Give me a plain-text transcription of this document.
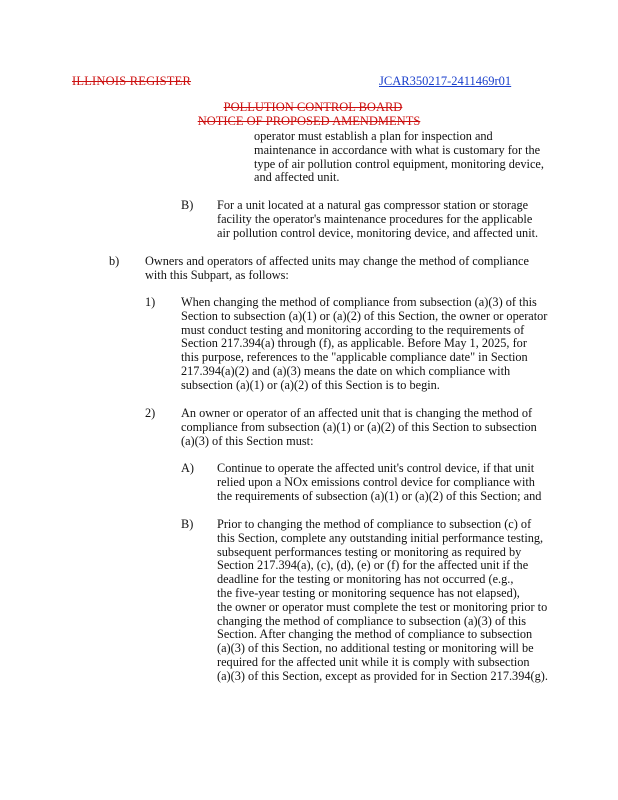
ILLINOIS REGISTER	JCAR350217-2411469r01
POLLUTION CONTROL BOARD
NOTICE OF PROPOSED AMENDMENTS
operator must establish a plan for inspection and
maintenance in accordance with what is customary for the
type of air pollution control equipment, monitoring device,
and affected unit.
B) For a unit located at a natural gas compressor station or storage
facility the operator's maintenance procedures for the applicable
air pollution control device, monitoring device, and affected unit.
b) Owners and operators of affected units may change the method of compliance
with this Subpart, as follows:
1) When changing the method of compliance from subsection (a)(3) of this
Section to subsection (a)(1) or (a)(2) of this Section, the owner or operator
must conduct testing and monitoring according to the requirements of
Section 217.394(a) through (f), as applicable. Before May 1, 2025, for
this purpose, references to the "applicable compliance date" in Section
217.394(a)(2) and (a)(3) means the date on which compliance with
subsection (a)(1) or (a)(2) of this Section is to begin.
2) An owner or operator of an affected unit that is changing the method of
compliance from subsection (a)(1) or (a)(2) of this Section to subsection
(a)(3) of this Section must:
A) Continue to operate the affected unit's control device, if that unit
relied upon a NOx emissions control device for compliance with
the requirements of subsection (a)(1) or (a)(2) of this Section; and
B) Prior to changing the method of compliance to subsection (c) of
this Section, complete any outstanding initial performance testing,
subsequent performances testing or monitoring as required by
Section 217.394(a), (c), (d), (e) or (f) for the affected unit if the
deadline for the testing or monitoring has not occurred (e.g.,
the five-year testing or monitoring sequence has not elapsed),
the owner or operator must complete the test or monitoring prior to
changing the method of compliance to subsection (a)(3) of this
Section. After changing the method of compliance to subsection
(a)(3) of this Section, no additional testing or monitoring will be
required for the affected unit while it is comply with subsection
(a)(3) of this Section, except as provided for in Section 217.394(g).
